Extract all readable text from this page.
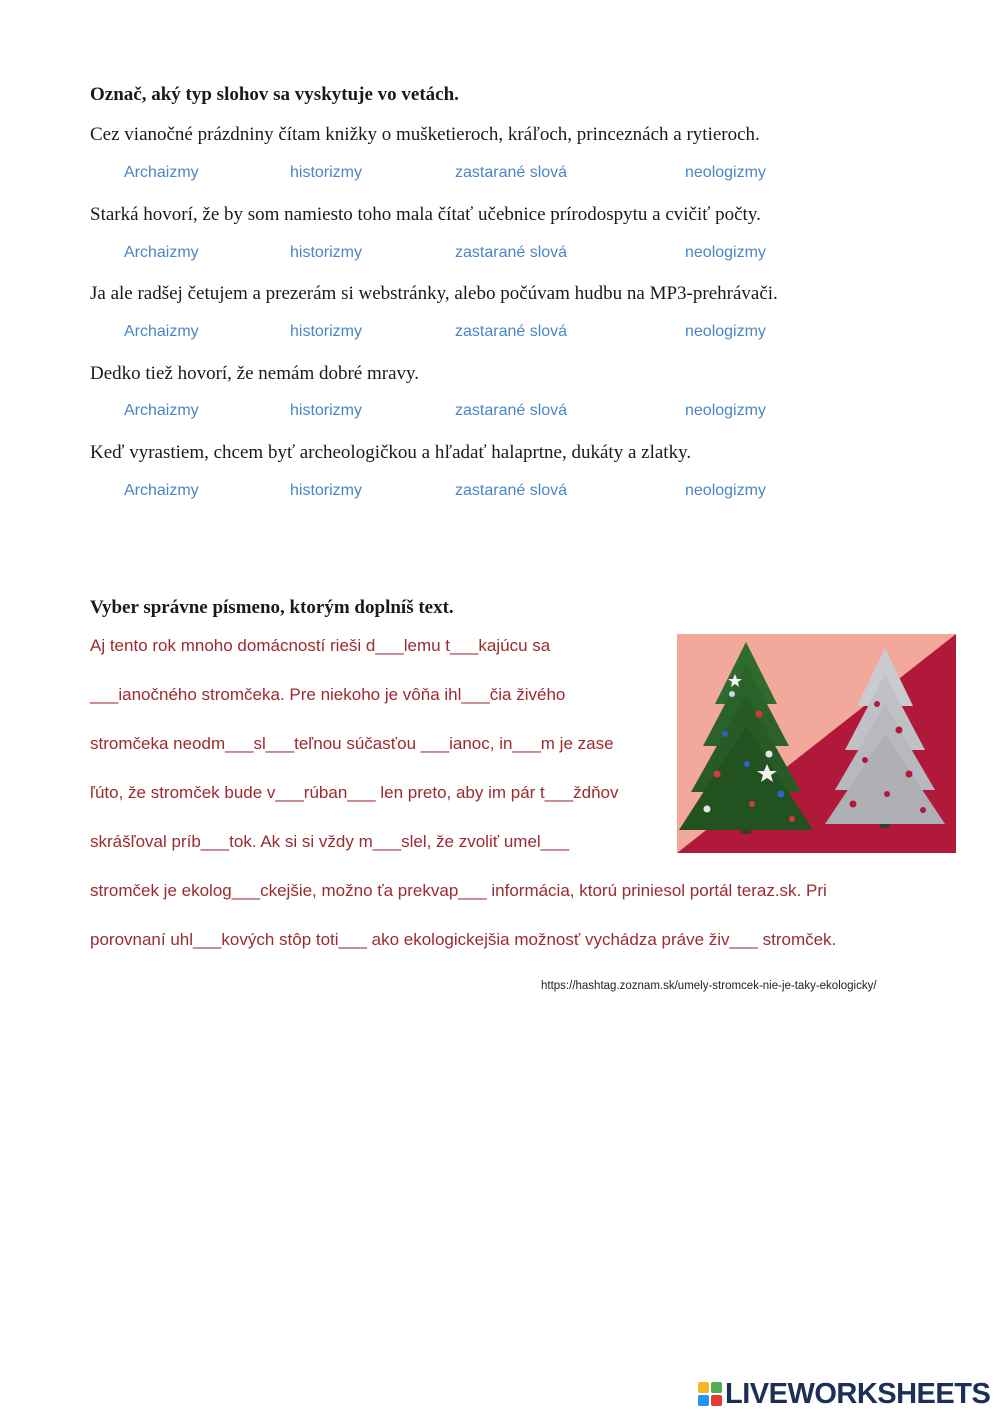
Označ, aký typ slohov sa vyskytuje vo vetách.
Cez vianočné prázdniny čítam knižky o mušketieroch, kráľoch, princeznách a rytieroch.
Archaizmy	historizmy	zastarané slová	neologizmy
Starká hovorí, že by som namiesto toho mala čítať učebnice prírodospytu a cvičiť počty.
Archaizmy	historizmy	zastarané slová	neologizmy
Ja ale radšej četujem a prezerám si webstránky, alebo počúvam hudbu na MP3-prehrávači.
Archaizmy	historizmy	zastarané slová	neologizmy
Dedko tiež hovorí, že nemám dobré mravy.
Archaizmy	historizmy	zastarané slová	neologizmy
Keď vyrastiem, chcem byť archeologičkou a hľadať halaprtne, dukáty a zlatky.
Archaizmy	historizmy	zastarané slová	neologizmy
Vyber správne písmeno, ktorým doplníš text.
Aj tento rok mnoho domácností rieši d___lemu t___kajúcu sa
___ianočného stromčeka. Pre niekoho je vôňa ihl___čia živého
stromčeka neodm___sl___teľnou súčasťou ___ianoc, in___m je zase
ľúto, že stromček bude v___rúban___ len preto, aby im pár t___ždňov
skrášľoval príb___tok. Ak si si vždy m___slel, že zvoliť umel___
stromček je ekolog___ckejšie, možno ťa prekvap___ informácia, ktorú priniesol portál teraz.sk. Pri
porovnaní uhl___kových stôp toti___ ako ekologickejšia možnosť vychádza práve živ___ stromček.
https://hashtag.zoznam.sk/umely-stromcek-nie-je-taky-ekologicky/
LIVEWORKSHEETS
